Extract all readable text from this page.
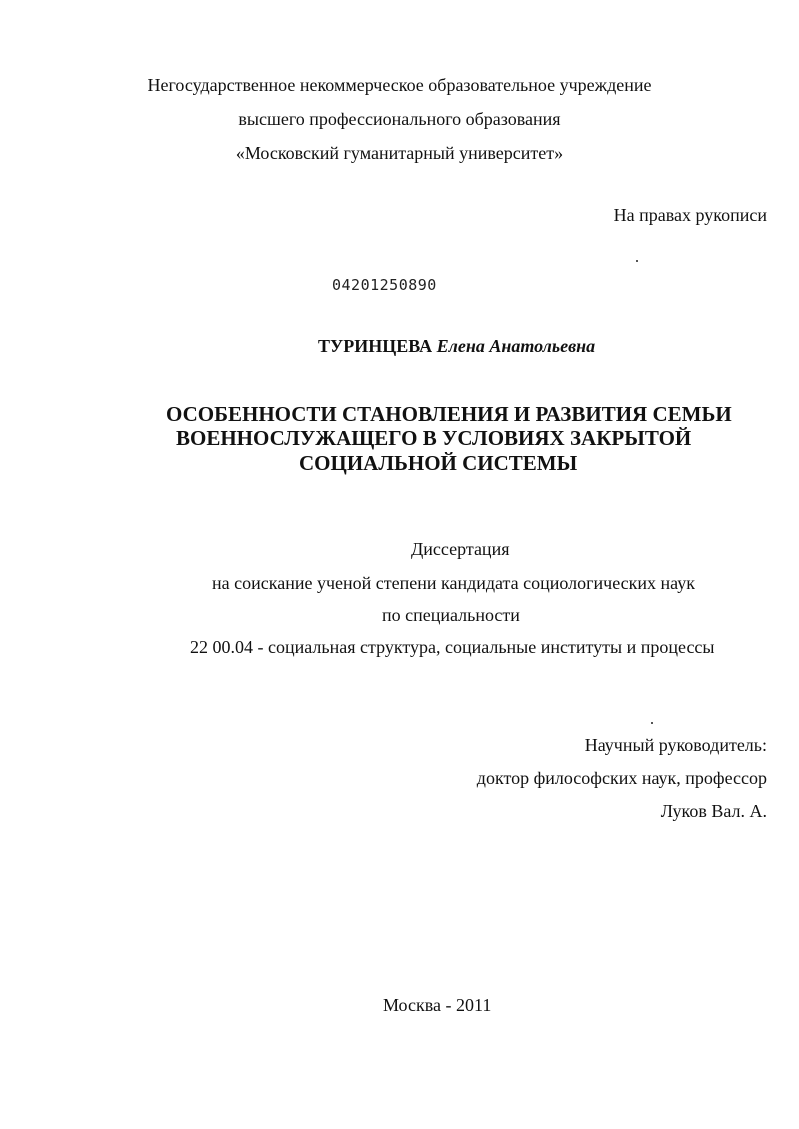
Негосударственное некоммерческое образовательное учреждение
высшего профессионального образования
«Московский гуманитарный университет»
На правах рукописи
04201250890
ТУРИНЦЕВА Елена Анатольевна
ОСОБЕННОСТИ СТАНОВЛЕНИЯ И РАЗВИТИЯ СЕМЬИ
ВОЕННОСЛУЖАЩЕГО В УСЛОВИЯХ ЗАКРЫТОЙ
СОЦИАЛЬНОЙ СИСТЕМЫ
Диссертация
на соискание ученой степени кандидата социологических наук
по специальности
22 00.04 - социальная структура, социальные институты и процессы
Научный руководитель:
доктор философских наук, профессор
Луков Вал. А.
Москва - 2011
